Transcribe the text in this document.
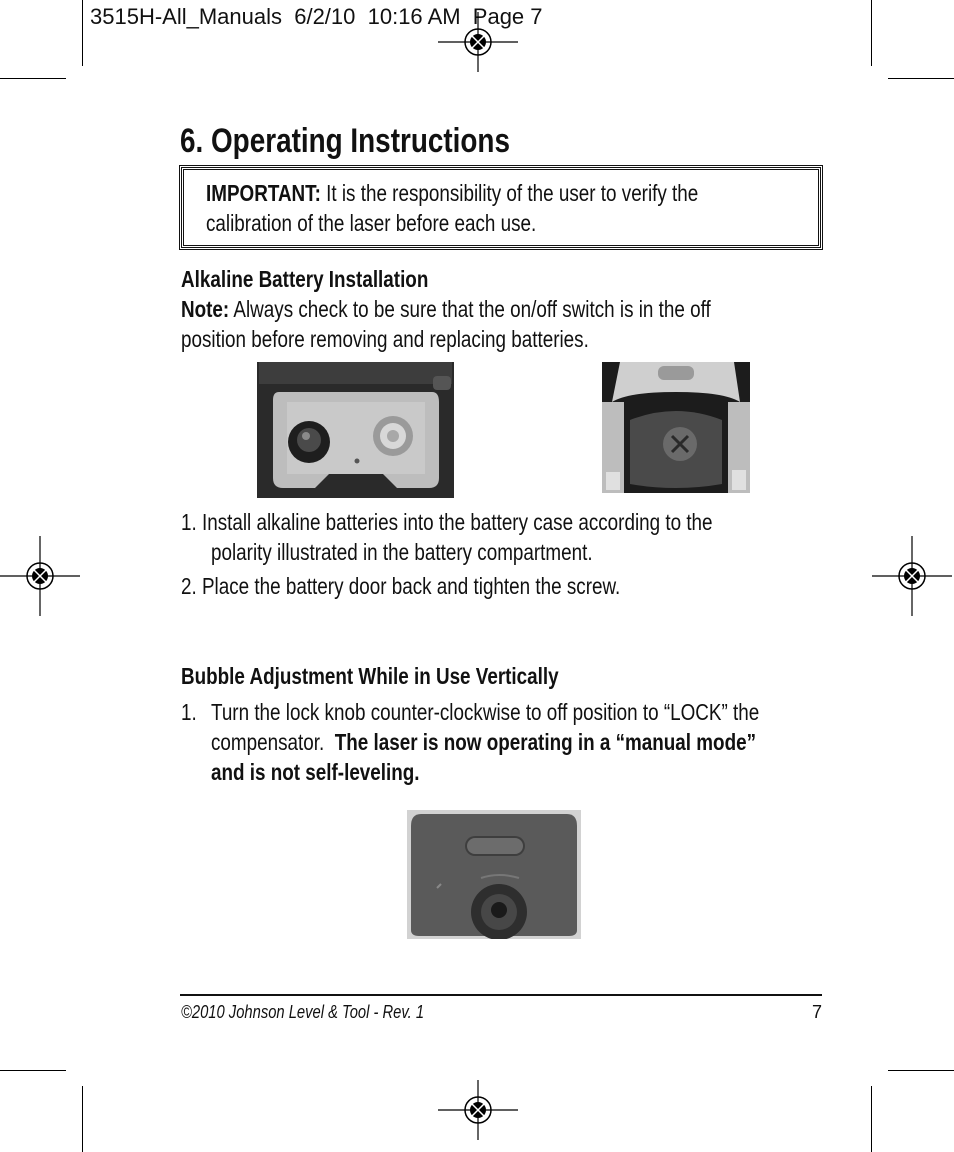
3515H-All_Manuals  6/2/10  10:16 AM  Page 7
6. Operating Instructions
IMPORTANT: It is the responsibility of the user to verify the
calibration of the laser before each use.
Alkaline Battery Installation
Note: Always check to be sure that the on/off switch is in the off
position before removing and replacing batteries.
1. Install alkaline batteries into the battery case according to the
polarity illustrated in the battery compartment.
2. Place the battery door back and tighten the screw.
Bubble Adjustment While in Use Vertically
1. Turn the lock knob counter-clockwise to off position to “LOCK” the
compensator. The laser is now operating in a “manual mode”
and is not self-leveling.
©2010 Johnson Level & Tool - Rev. 1	7
